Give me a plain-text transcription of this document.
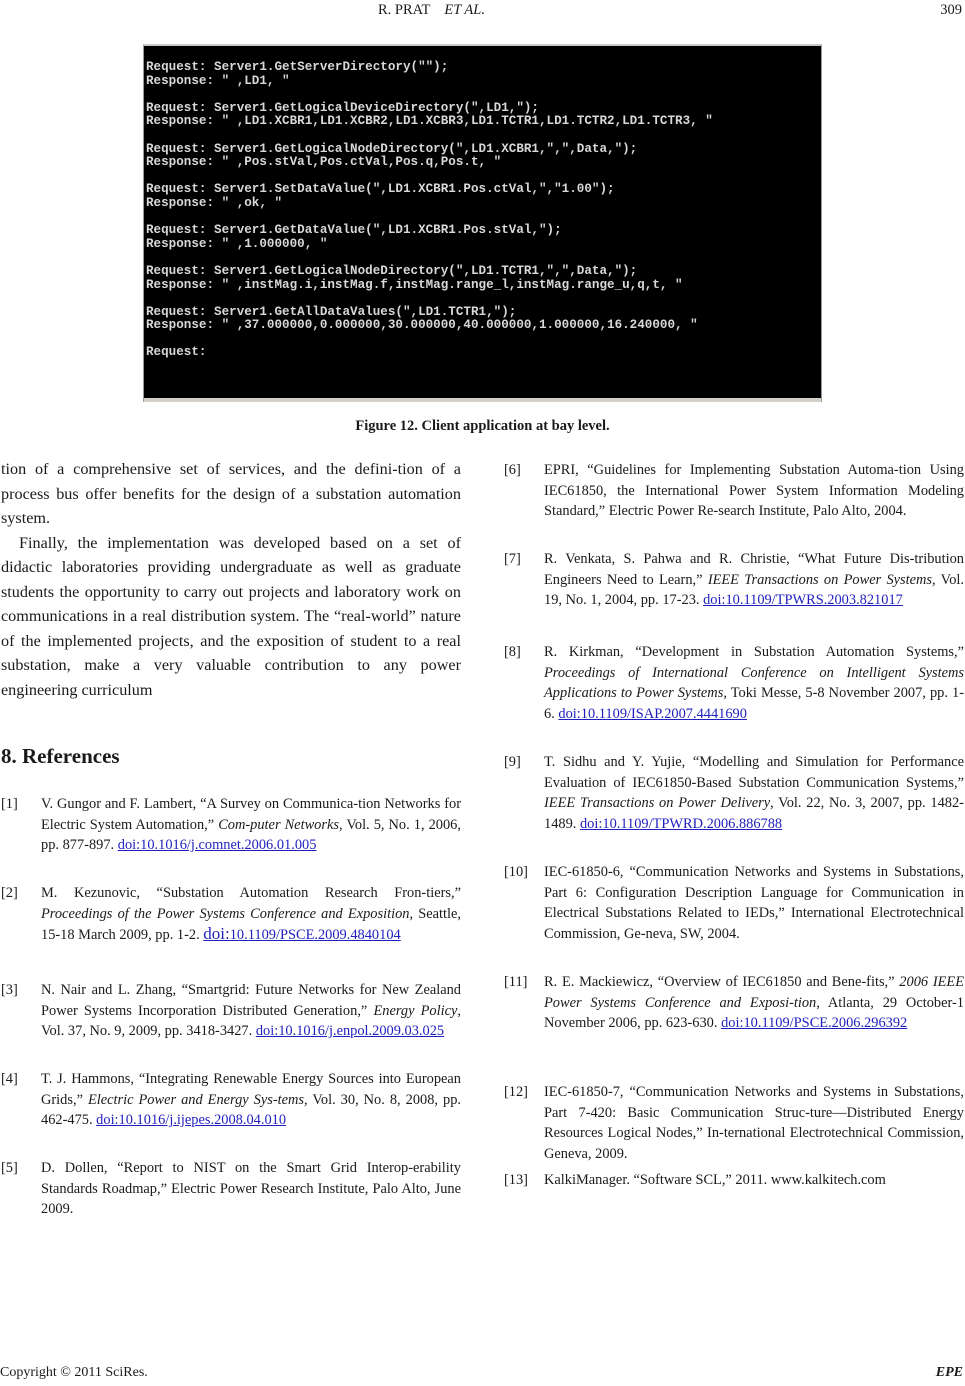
R. PRAT ET AL.	309
Request: Server1.GetServerDirectory("");
Response: " ,LD1, "
Request: Server1.GetLogicalDeviceDirectory(",LD1,");
Response: " ,LD1.XCBR1,LD1.XCBR2,LD1.XCBR3,LD1.TCTR1,LD1.TCTR2,LD1.TCTR3, "
Request: Server1.GetLogicalNodeDirectory(",LD1.XCBR1,",",Data,");
Response: " ,Pos.stVal,Pos.ctVal,Pos.q,Pos.t, "
Request: Server1.SetDataValue(",LD1.XCBR1.Pos.ctVal,","1.00");
Response: " ,ok, "
Request: Server1.GetDataValue(",LD1.XCBR1.Pos.stVal,");
Response: " ,1.000000, "
Request: Server1.GetLogicalNodeDirectory(",LD1.TCTR1,",",Data,");
Response: " ,instMag.i,instMag.f,instMag.range_l,instMag.range_u,q,t, "
Request: Server1.GetAllDataValues(",LD1.TCTR1,");
Response: " ,37.000000,0.000000,30.000000,40.000000,1.000000,16.240000, "
Request:
Figure 12. Client application at bay level.

tion of a comprehensive set of services, and the defini-tion of a process bus offer benefits for the design of a substation automation system.

Finally, the implementation was developed based on a set of didactic laboratories providing undergraduate as well as graduate students the opportunity to carry out projects and laboratory work on communications in a real distribution system. The “real-world” nature of the implemented projects, and the exposition of student to a real substation, make a very valuable contribution to any power engineering curriculum

8. References
[1] V. Gungor and F. Lambert, “A Survey on Communica-tion Networks for Electric System Automation,” Com-puter Networks, Vol. 5, No. 1, 2006, pp. 877-897. doi:10.1016/j.comnet.2006.01.005
[2] M. Kezunovic, “Substation Automation Research Fron-tiers,” Proceedings of the Power Systems Conference and Exposition, Seattle, 15-18 March 2009, pp. 1-2. doi:10.1109/PSCE.2009.4840104
[3] N. Nair and L. Zhang, “Smartgrid: Future Networks for New Zealand Power Systems Incorporation Distributed Generation,” Energy Policy, Vol. 37, No. 9, 2009, pp. 3418-3427. doi:10.1016/j.enpol.2009.03.025
[4] T. J. Hammons, “Integrating Renewable Energy Sources into European Grids,” Electric Power and Energy Sys-tems, Vol. 30, No. 8, 2008, pp. 462-475. doi:10.1016/j.ijepes.2008.04.010
[5] D. Dollen, “Report to NIST on the Smart Grid Interop-erability Standards Roadmap,” Electric Power Research Institute, Palo Alto, June 2009.
[6] EPRI, “Guidelines for Implementing Substation Automa-tion Using IEC61850, the International Power System Information Modeling Standard,” Electric Power Re-search Institute, Palo Alto, 2004.
[7] R. Venkata, S. Pahwa and R. Christie, “What Future Dis-tribution Engineers Need to Learn,” IEEE Transactions on Power Systems, Vol. 19, No. 1, 2004, pp. 17-23. doi:10.1109/TPWRS.2003.821017
[8] R. Kirkman, “Development in Substation Automation Systems,” Proceedings of International Conference on Intelligent Systems Applications to Power Systems, Toki Messe, 5-8 November 2007, pp. 1-6. doi:10.1109/ISAP.2007.4441690
[9] T. Sidhu and Y. Yujie, “Modelling and Simulation for Performance Evaluation of IEC61850-Based Substation Communication Systems,” IEEE Transactions on Power Delivery, Vol. 22, No. 3, 2007, pp. 1482-1489. doi:10.1109/TPWRD.2006.886788
[10] IEC-61850-6, “Communication Networks and Systems in Substations, Part 6: Configuration Description Language for Communication in Electrical Substations Related to IEDs,” International Electrotechnical Commission, Ge-neva, SW, 2004.
[11] R. E. Mackiewicz, “Overview of IEC61850 and Bene-fits,” 2006 IEEE Power Systems Conference and Exposi-tion, Atlanta, 29 October-1 November 2006, pp. 623-630. doi:10.1109/PSCE.2006.296392
[12] IEC-61850-7, “Communication Networks and Systems in Substations, Part 7-420: Basic Communication Struc-ture—Distributed Energy Resources Logical Nodes,” In-ternational Electrotechnical Commission, Geneva, 2009.
[13] KalkiManager. “Software SCL,” 2011. www.kalkitech.com
Copyright © 2011 SciRes.	EPE
